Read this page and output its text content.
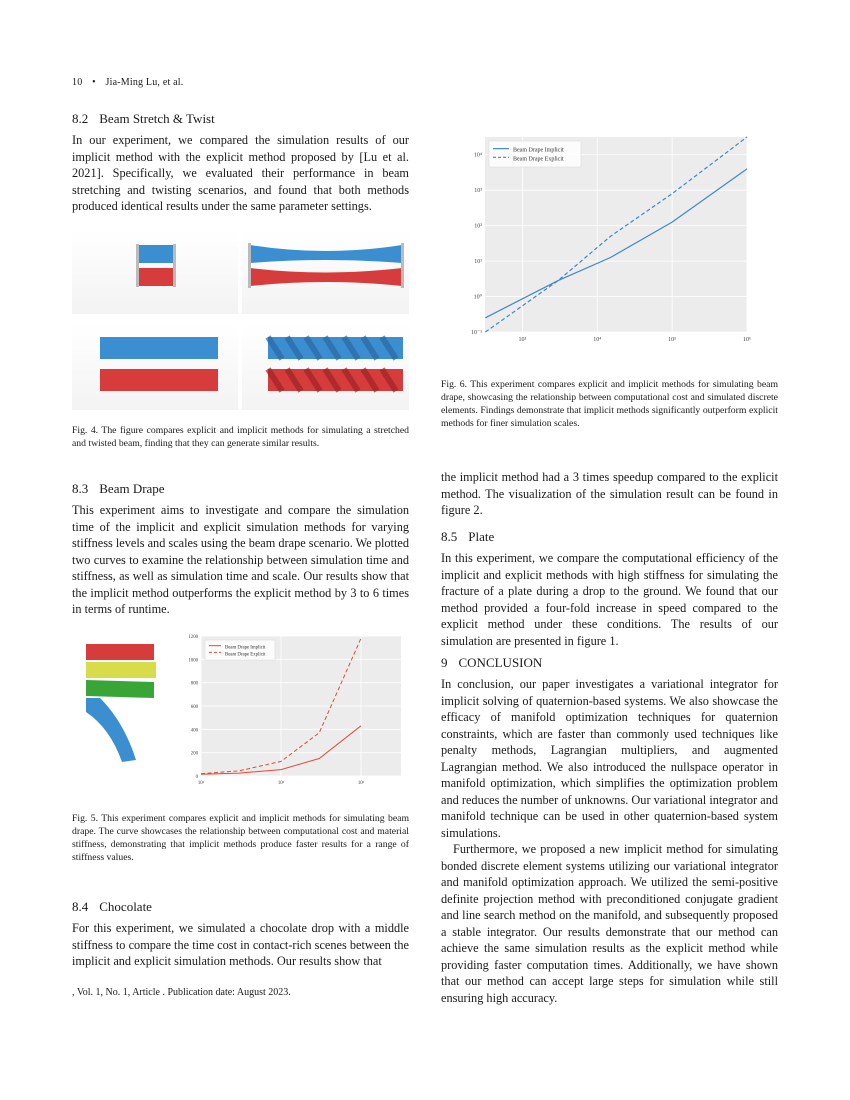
10 • Jia-Ming Lu, et al.
8.2 Beam Stretch & Twist

In our experiment, we compared the simulation results of our implicit method with the explicit method proposed by [Lu et al. 2021]. Specifically, we evaluated their performance in beam stretching and twisting scenarios, and found that both methods produced identical results under the same parameter settings.

Fig. 4. The figure compares explicit and implicit methods for simulating a stretched and twisted beam, finding that they can generate similar results.

8.3 Beam Drape

This experiment aims to investigate and compare the simulation time of the implicit and explicit simulation methods for varying stiffness levels and scales using the beam drape scenario. We plotted two curves to examine the relationship between simulation time and stiffness, as well as simulation time and scale. Our results show that the implicit method outperforms the explicit method by 3 to 6 times in terms of runtime.

0
200
400
600
800
1000
1200
10¹	10²	10³
Beam Drape Implicit
Beam Drape Explicit

Fig. 5. This experiment compares explicit and implicit methods for simulating beam drape. The curve showcases the relationship between computational cost and material stiffness, demonstrating that implicit methods produce faster results for a range of stiffness values.

8.4 Chocolate

For this experiment, we simulated a chocolate drop with a middle stiffness to compare the time cost in contact-rich scenes between the implicit and explicit simulation methods. Our results show that

10⁻¹
10⁰
10¹
10²
10³
10⁴
10³	10⁴	10⁵	10⁶
Beam Drape Implicit
Beam Drape Explicit

Fig. 6. This experiment compares explicit and implicit methods for simulating beam drape, showcasing the relationship between computational cost and simulated discrete elements. Findings demonstrate that implicit methods significantly outperform explicit methods for finer simulation scales.

the implicit method had a 3 times speedup compared to the explicit method. The visualization of the simulation result can be found in figure 2.

8.5 Plate

In this experiment, we compare the computational efficiency of the implicit and explicit methods with high stiffness for simulating the fracture of a plate during a drop to the ground. We found that our method provided a four-fold increase in speed compared to the explicit method under these conditions. The results of our simulation are presented in figure 1.

9 CONCLUSION

In conclusion, our paper investigates a variational integrator for implicit solving of quaternion-based systems. We also showcase the efficacy of manifold optimization techniques for quaternion constraints, which are faster than commonly used techniques like penalty methods, Lagrangian multipliers, and augmented Lagrangian method. We also introduced the nullspace operator in manifold optimization, which simplifies the optimization problem and reduces the number of unknowns. Our variational integrator and manifold technique can be used in other quaternion-based system simulations.

Furthermore, we proposed a new implicit method for simulating bonded discrete element systems utilizing our variational integrator and manifold optimization approach. We utilized the semi-positive definite projection method with preconditioned conjugate gradient and line search method on the manifold, and subsequently proposed a stable integrator. Our results demonstrate that our method can achieve the same simulation results as the explicit method while providing faster computation times. Additionally, we have shown that our method can accept large steps for simulation while still ensuring high accuracy.

, Vol. 1, No. 1, Article . Publication date: August 2023.
